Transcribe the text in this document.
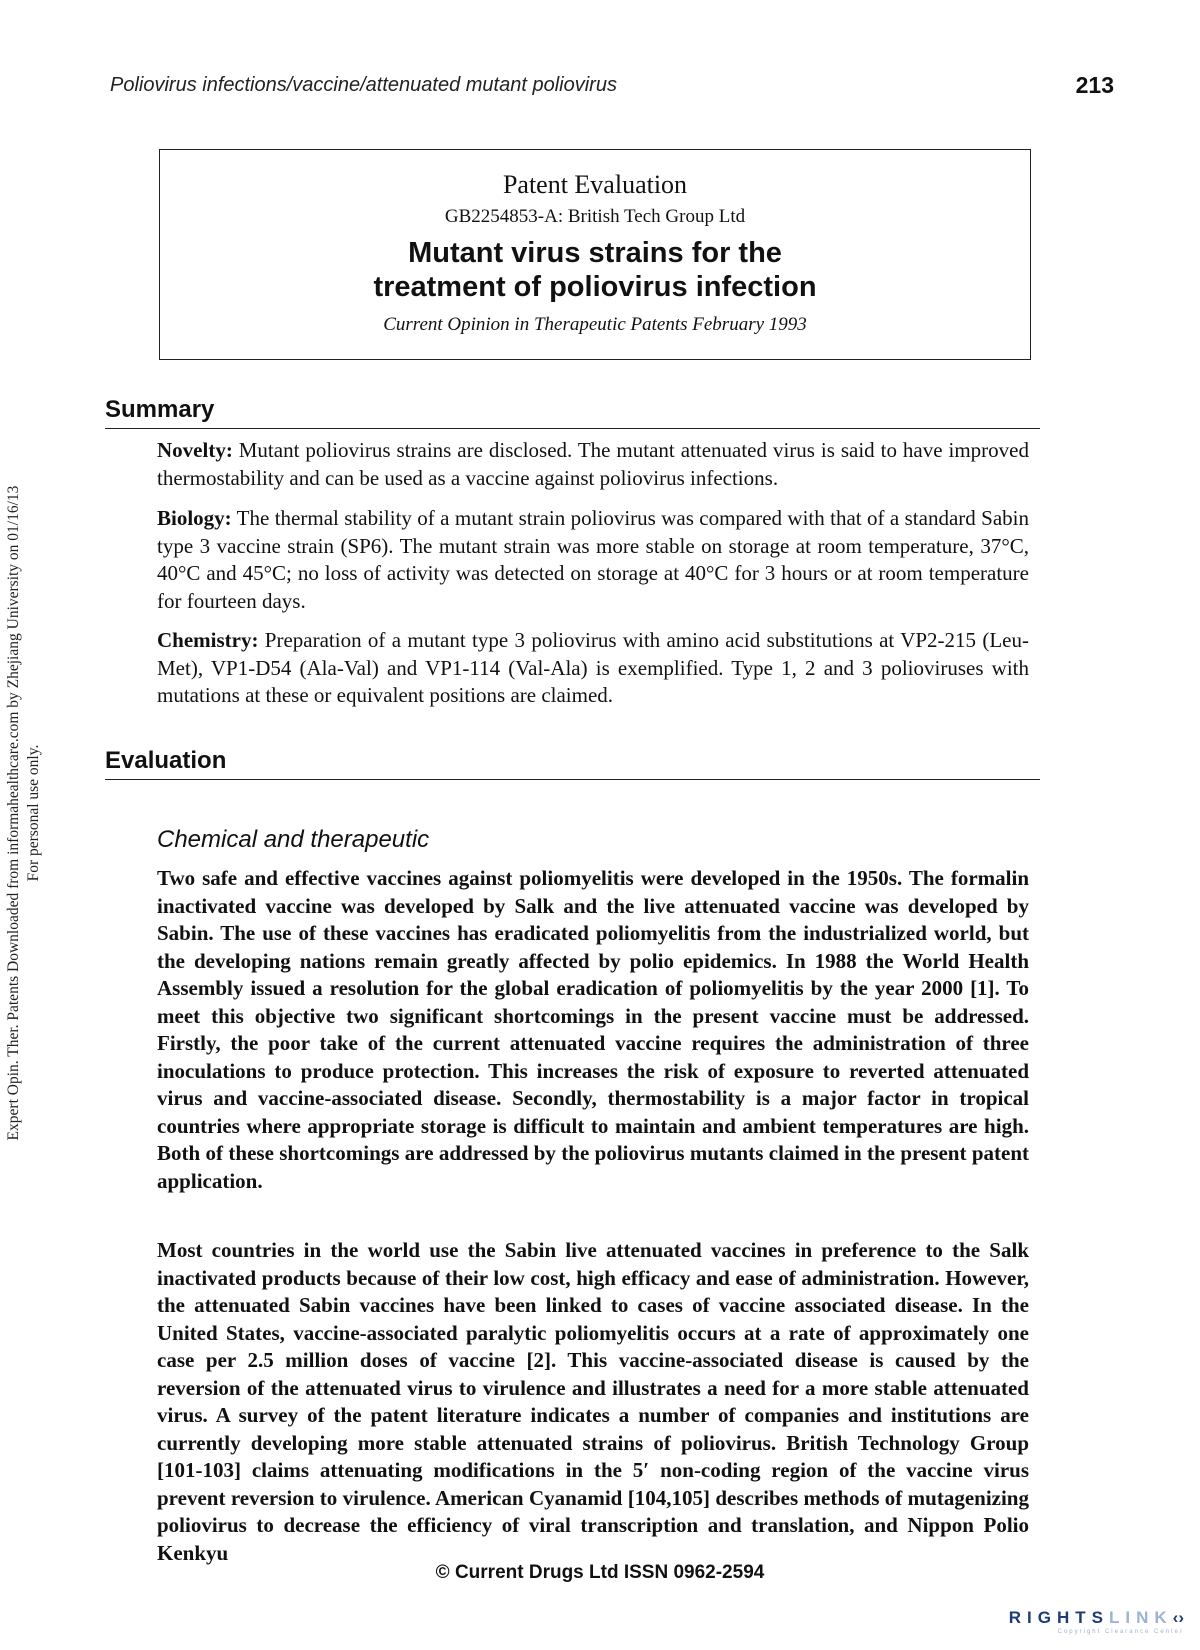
Poliovirus infections/vaccine/attenuated mutant poliovirus	213
Patent Evaluation
GB2254853-A: British Tech Group Ltd
Mutant virus strains for the
treatment of poliovirus infection
Current Opinion in Therapeutic Patents February 1993
Summary

Novelty: Mutant poliovirus strains are disclosed. The mutant attenuated virus is said to have improved thermostability and can be used as a vaccine against poliovirus infections.

Biology: The thermal stability of a mutant strain poliovirus was compared with that of a standard Sabin type 3 vaccine strain (SP6). The mutant strain was more stable on storage at room temperature, 37°C, 40°C and 45°C; no loss of activity was detected on storage at 40°C for 3 hours or at room temperature for fourteen days.

Chemistry: Preparation of a mutant type 3 poliovirus with amino acid substitutions at VP2-215 (Leu-Met), VP1-D54 (Ala-Val) and VP1-114 (Val-Ala) is exemplified. Type 1, 2 and 3 polioviruses with mutations at these or equivalent positions are claimed.

Evaluation
Chemical and therapeutic

Two safe and effective vaccines against poliomyelitis were developed in the 1950s. The formalin inactivated vaccine was developed by Salk and the live attenuated vaccine was developed by Sabin. The use of these vaccines has eradicated poliomyelitis from the industrialized world, but the developing nations remain greatly affected by polio epidemics. In 1988 the World Health Assembly issued a resolution for the global eradication of poliomyelitis by the year 2000 [1]. To meet this objective two significant shortcomings in the present vaccine must be addressed. Firstly, the poor take of the current attenuated vaccine requires the administration of three inoculations to produce protection. This increases the risk of exposure to reverted attenuated virus and vaccine-associated disease. Secondly, thermostability is a major factor in tropical countries where appropriate storage is difficult to maintain and ambient temperatures are high. Both of these shortcomings are addressed by the poliovirus mutants claimed in the present patent application.

Most countries in the world use the Sabin live attenuated vaccines in preference to the Salk inactivated products because of their low cost, high efficacy and ease of administration. However, the attenuated Sabin vaccines have been linked to cases of vaccine associated disease. In the United States, vaccine-associated paralytic poliomyelitis occurs at a rate of approximately one case per 2.5 million doses of vaccine [2]. This vaccine-associated disease is caused by the reversion of the attenuated virus to virulence and illustrates a need for a more stable attenuated virus. A survey of the patent literature indicates a number of companies and institutions are currently developing more stable attenuated strains of poliovirus. British Technology Group [101-103] claims attenuating modifications in the 5′ non-coding region of the vaccine virus prevent reversion to virulence. American Cyanamid [104,105] describes methods of mutagenizing poliovirus to decrease the efficiency of viral transcription and translation, and Nippon Polio Kenkyu

© Current Drugs Ltd ISSN 0962-2594
Expert Opin. Ther. Patents Downloaded from informahealthcare.com by Zhejiang University on 01/16/13 For personal use only.
RIGHTSLINK‹›
Copyright Clearance Center
